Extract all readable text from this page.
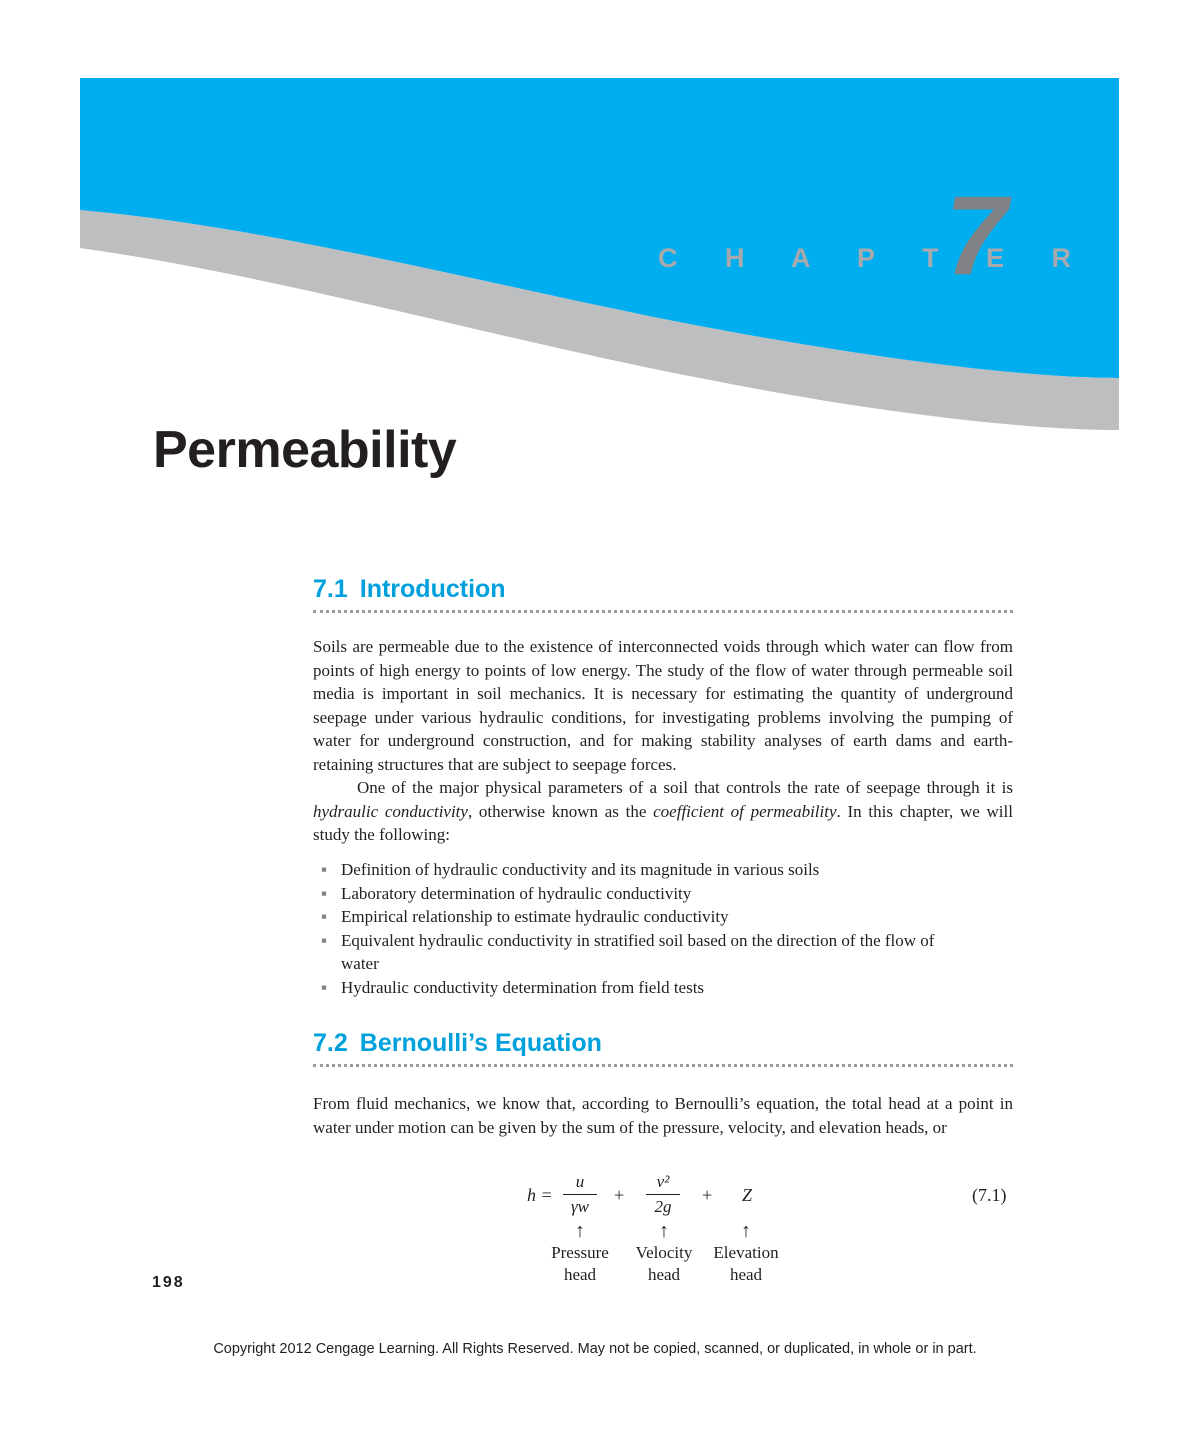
C H A P T E R
7
Permeability
7.1 Introduction

Soils are permeable due to the existence of interconnected voids through which water can flow from points of high energy to points of low energy. The study of the flow of water through permeable soil media is important in soil mechanics. It is necessary for estimating the quantity of underground seepage under various hydraulic conditions, for investigating problems involving the pumping of water for underground construction, and for making stability analyses of earth dams and earth-retaining structures that are subject to seepage forces.

One of the major physical parameters of a soil that controls the rate of seepage through it is hydraulic conductivity, otherwise known as the coefficient of permeability. In this chapter, we will study the following:

▪ Definition of hydraulic conductivity and its magnitude in various soils
▪ Laboratory determination of hydraulic conductivity
▪ Empirical relationship to estimate hydraulic conductivity
▪ Equivalent hydraulic conductivity in stratified soil based on the direction of the flow of water
▪ Hydraulic conductivity determination from field tests
7.2 Bernoulli’s Equation

From fluid mechanics, we know that, according to Bernoulli’s equation, the total head at a point in water under motion can be given by the sum of the pressure, velocity, and elevation heads, or

h =
u
γw
+
v²
2g
+ Z	(7.1)
↑
Pressure
head
↑
Velocity
head
↑
Elevation
head
198
Copyright 2012 Cengage Learning. All Rights Reserved. May not be copied, scanned, or duplicated, in whole or in part.
